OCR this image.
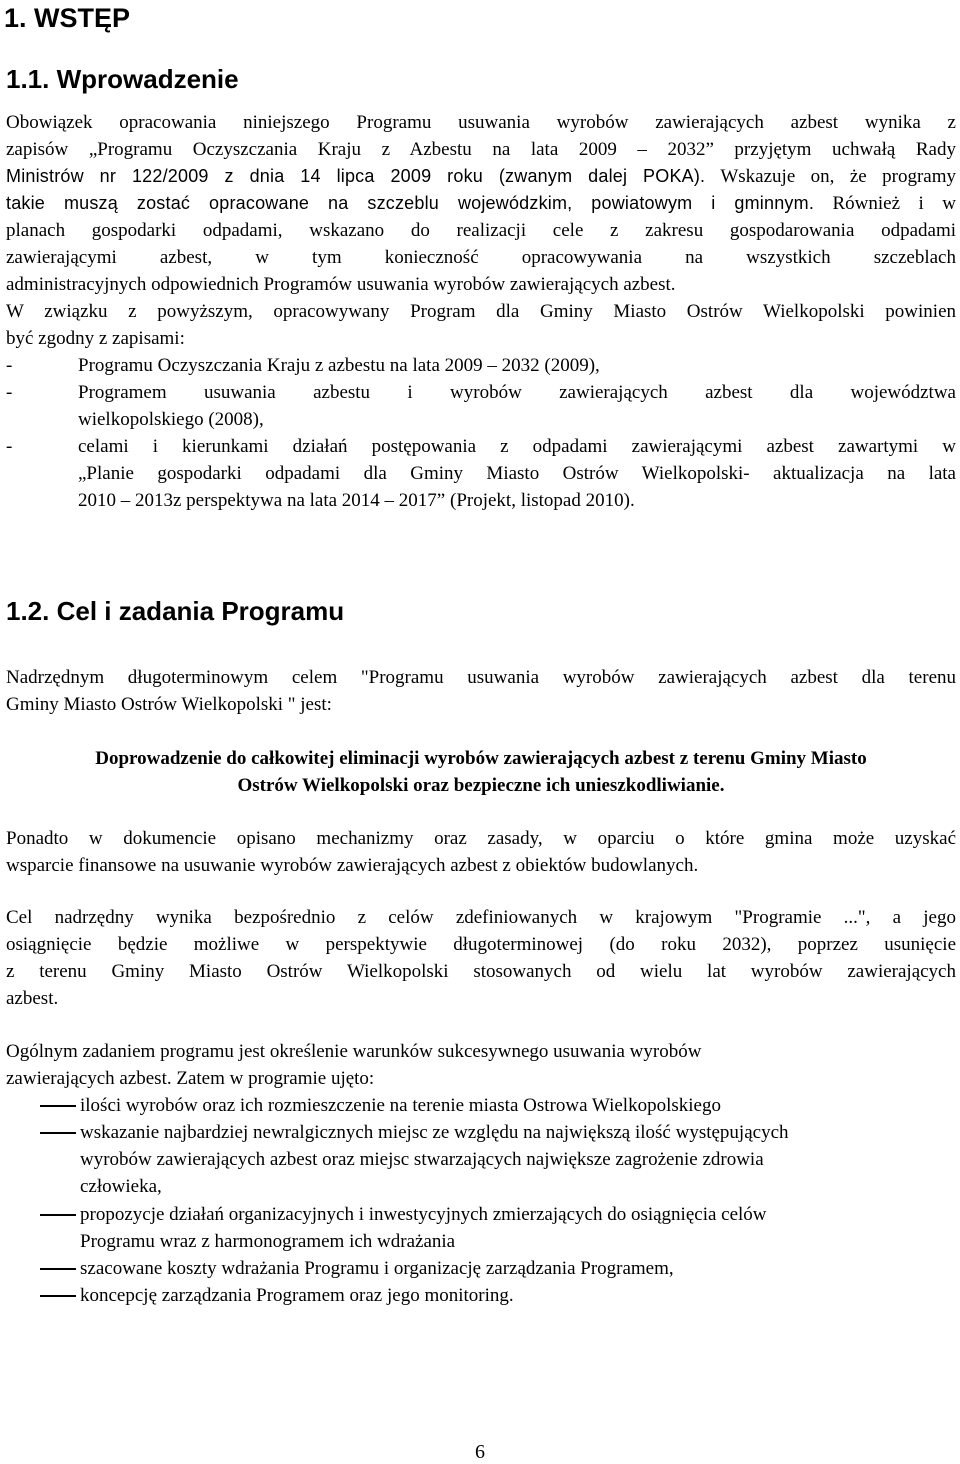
1. WSTĘP
1.1. Wprowadzenie
Obowiązek opracowania niniejszego Programu usuwania wyrobów zawierających azbest wynika z
zapisów „Programu Oczyszczania Kraju z Azbestu na lata 2009 – 2032” przyjętym uchwałą Rady
Ministrów nr 122/2009 z dnia 14 lipca 2009 roku (zwanym dalej POKA). Wskazuje on, że programy
takie muszą zostać opracowane na szczeblu wojewódzkim, powiatowym i gminnym. Również i w
planach gospodarki odpadami, wskazano do realizacji cele z zakresu gospodarowania odpadami
zawierającymi azbest, w tym konieczność opracowywania na wszystkich szczeblach
administracyjnych odpowiednich Programów usuwania wyrobów zawierających azbest.
W związku z powyższym, opracowywany Program dla Gminy Miasto Ostrów Wielkopolski powinien
być zgodny z zapisami:
-	Programu Oczyszczania Kraju z azbestu na lata 2009 – 2032 (2009),
-	Programem usuwania azbestu i wyrobów zawierających azbest dla województwa
wielkopolskiego (2008),
-	celami i kierunkami działań postępowania z odpadami zawierającymi azbest zawartymi w
„Planie gospodarki odpadami dla Gminy Miasto Ostrów Wielkopolski- aktualizacja na lata
2010 – 2013z perspektywa na lata 2014 – 2017” (Projekt, listopad 2010).
1.2. Cel i zadania Programu
Nadrzędnym długoterminowym celem "Programu usuwania wyrobów zawierających azbest dla terenu
Gminy Miasto Ostrów Wielkopolski " jest:
Doprowadzenie do całkowitej eliminacji wyrobów zawierających azbest z terenu Gminy Miasto
Ostrów Wielkopolski oraz bezpieczne ich unieszkodliwianie.
Ponadto w dokumencie opisano mechanizmy oraz zasady, w oparciu o które gmina może uzyskać
wsparcie finansowe na usuwanie wyrobów zawierających azbest z obiektów budowlanych.
Cel nadrzędny wynika bezpośrednio z celów zdefiniowanych w krajowym "Programie ...", a jego
osiągnięcie będzie możliwe w perspektywie długoterminowej (do roku 2032), poprzez usunięcie
z terenu Gminy Miasto Ostrów Wielkopolski stosowanych od wielu lat wyrobów zawierających
azbest.
Ogólnym zadaniem programu jest określenie warunków sukcesywnego usuwania wyrobów
zawierających azbest. Zatem w programie ujęto:
ilości wyrobów oraz ich rozmieszczenie na terenie miasta Ostrowa Wielkopolskiego
wskazanie najbardziej newralgicznych miejsc ze względu na największą ilość występujących
wyrobów zawierających azbest oraz miejsc stwarzających największe zagrożenie zdrowia
człowieka,
propozycje działań organizacyjnych i inwestycyjnych zmierzających do osiągnięcia celów
Programu wraz z harmonogramem ich wdrażania
szacowane koszty wdrażania Programu i organizację zarządzania Programem,
koncepcję zarządzania Programem oraz jego monitoring.
6
